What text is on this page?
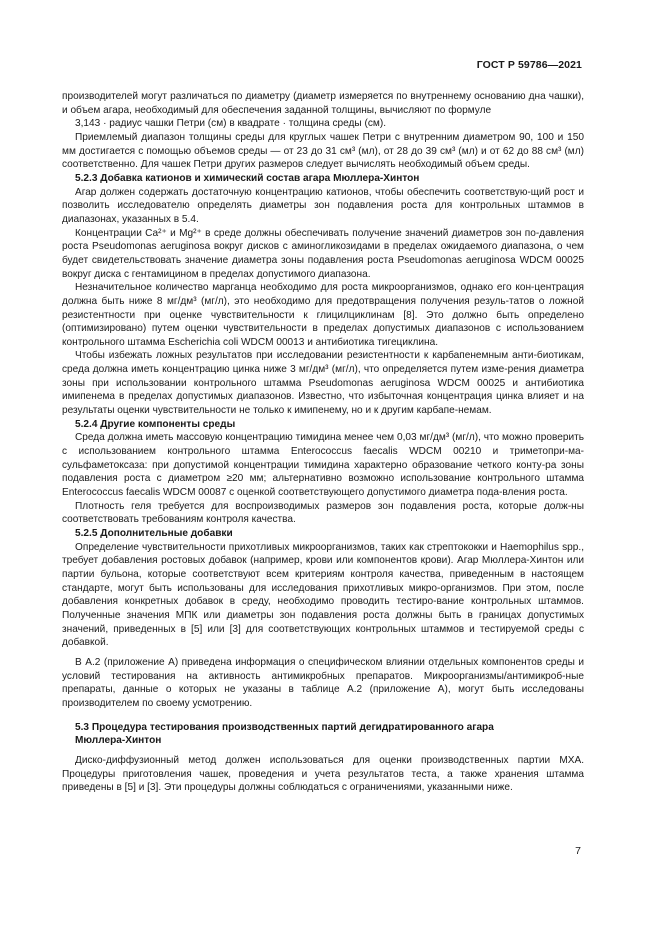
ГОСТ Р 59786—2021

производителей могут различаться по диаметру (диаметр измеряется по внутреннему основанию дна чашки), и объем агара, необходимый для обеспечения заданной толщины, вычисляют по формуле

3,143 · радиус чашки Петри (см) в квадрате · толщина среды (см).

Приемлемый диапазон толщины среды для круглых чашек Петри с внутренним диаметром 90, 100 и 150 мм достигается с помощью объемов среды — от 23 до 31 см³ (мл), от 28 до 39 см³ (мл) и от 62 до 88 см³ (мл) соответственно. Для чашек Петри других размеров следует вычислять необходимый объем среды.

5.2.3 Добавка катионов и химический состав агара Мюллера-Хинтон

Агар должен содержать достаточную концентрацию катионов, чтобы обеспечить соответствую-щий рост и позволить исследователю определять диаметры зон подавления роста для контрольных штаммов в диапазонах, указанных в 5.4.

Концентрации Ca²⁺ и Mg²⁺ в среде должны обеспечивать получение значений диаметров зон по-давления роста Pseudomonas aeruginosa вокруг дисков с аминогликозидами в пределах ожидаемого диапазона, о чем будет свидетельствовать значение диаметра зоны подавления роста Pseudomonas aeruginosa WDCM 00025 вокруг диска с гентамицином в пределах допустимого диапазона.

Незначительное количество марганца необходимо для роста микроорганизмов, однако его кон-центрация должна быть ниже 8 мг/дм³ (мг/л), это необходимо для предотвращения получения резуль-татов о ложной резистентности при оценке чувствительности к глицилциклинам [8]. Это должно быть определено (оптимизировано) путем оценки чувствительности в пределах допустимых диапазонов с использованием контрольного штамма Escherichia coli WDCM 00013 и антибиотика тигециклина.

Чтобы избежать ложных результатов при исследовании резистентности к карбапенемным анти-биотикам, среда должна иметь концентрацию цинка ниже 3 мг/дм³ (мг/л), что определяется путем изме-рения диаметра зоны при использовании контрольного штамма Pseudomonas aeruginosa WDCM 00025 и антибиотика имипенема в пределах допустимых диапазонов. Известно, что избыточная концентрация цинка влияет и на результаты оценки чувствительности не только к имипенему, но и к другим карбапе-немам.

5.2.4 Другие компоненты среды

Среда должна иметь массовую концентрацию тимидина менее чем 0,03 мг/дм³ (мг/л), что можно проверить с использованием контрольного штамма Enterococcus faecalis WDCM 00210 и триметопри-ма-сульфаметоксаза: при допустимой концентрации тимидина характерно образование четкого конту-ра зоны подавления роста с диаметром ≥20 мм; альтернативно возможно использование контрольного штамма Enterococcus faecalis WDCM 00087 с оценкой соответствующего допустимого диаметра пода-вления роста.

Плотность геля требуется для воспроизводимых размеров зон подавления роста, которые долж-ны соответствовать требованиям контроля качества.

5.2.5 Дополнительные добавки

Определение чувствительности прихотливых микроорганизмов, таких как стрептококки и Haemophilus spp., требует добавления ростовых добавок (например, крови или компонентов крови). Агар Мюллера-Хинтон или партии бульона, которые соответствуют всем критериям контроля качества, приведенным в настоящем стандарте, могут быть использованы для исследования прихотливых микро-организмов. При этом, после добавления конкретных добавок в среду, необходимо проводить тестиро-вание контрольных штаммов. Полученные значения МПК или диаметры зон подавления роста должны быть в границах допустимых значений, приведенных в [5] или [3] для соответствующих контрольных штаммов и тестируемой среды с добавкой.

В А.2 (приложение А) приведена информация о специфическом влиянии отдельных компонентов среды и условий тестирования на активность антимикробных препаратов. Микроорганизмы/антимикроб-ные препараты, данные о которых не указаны в таблице А.2 (приложение А), могут быть исследованы производителем по своему усмотрению.

5.3 Процедура тестирования производственных партий дегидратированного агара
Мюллера-Хинтон

Диско-диффузионный метод должен использоваться для оценки производственных партии МХА. Процедуры приготовления чашек, проведения и учета результатов теста, а также хранения штамма приведены в [5] и [3]. Эти процедуры должны соблюдаться с ограничениями, указанными ниже.

7
